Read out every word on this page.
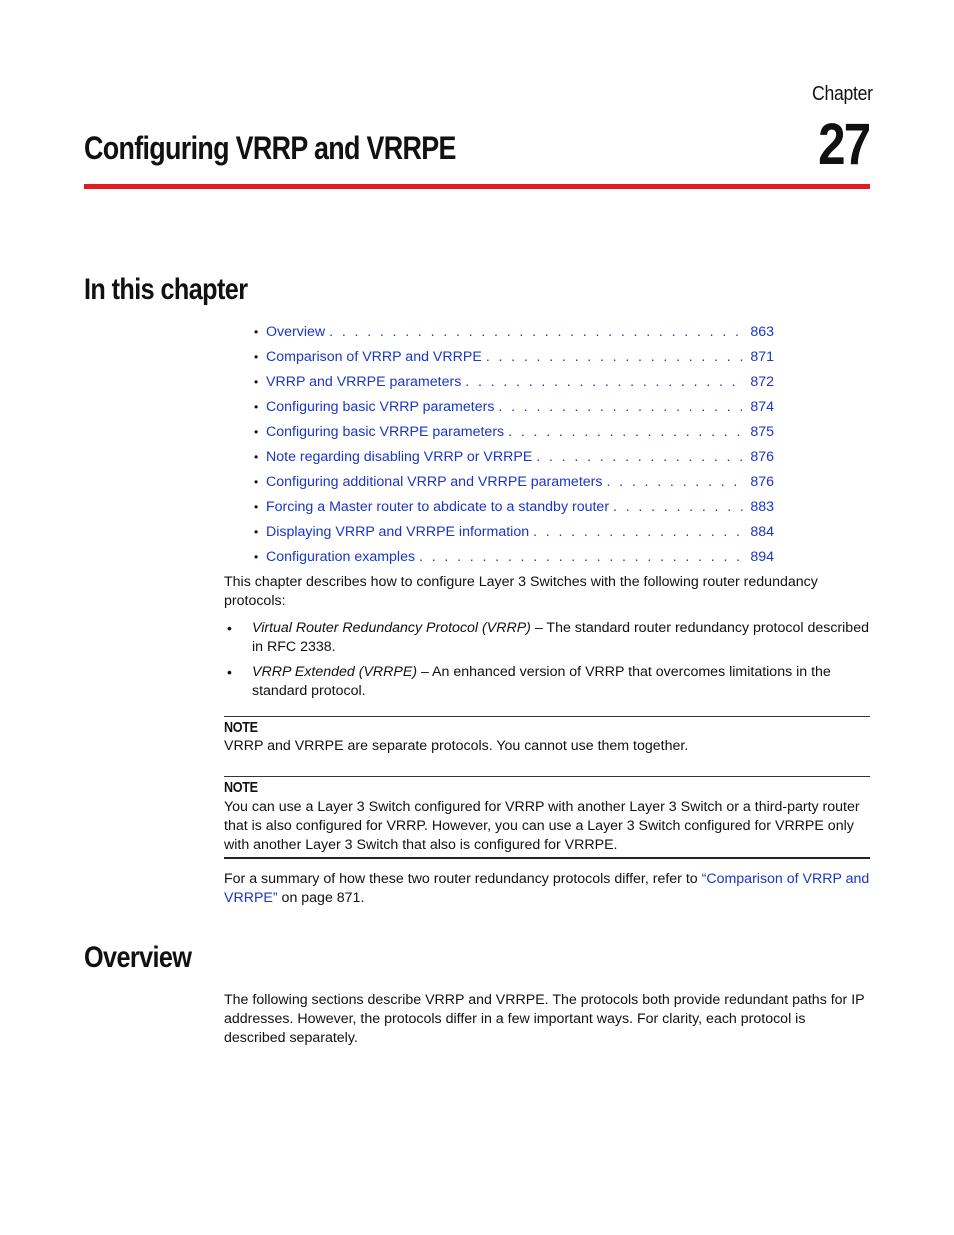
Chapter
27
Configuring VRRP and VRRPE
In this chapter
• Overview . . .	863
• Comparison of VRRP and VRRPE . . .	871
• VRRP and VRRPE parameters . . .	872
• Configuring basic VRRP parameters . . .	874
• Configuring basic VRRPE parameters . . .	875
• Note regarding disabling VRRP or VRRPE . . .	876
• Configuring additional VRRP and VRRPE parameters . . .	876
• Forcing a Master router to abdicate to a standby router . . .	883
• Displaying VRRP and VRRPE information . . .	884
• Configuration examples . . .	894
This chapter describes how to configure Layer 3 Switches with the following router redundancy protocols:
• Virtual Router Redundancy Protocol (VRRP) – The standard router redundancy protocol described in RFC 2338.
• VRRP Extended (VRRPE) – An enhanced version of VRRP that overcomes limitations in the standard protocol.
NOTE
VRRP and VRRPE are separate protocols. You cannot use them together.
NOTE
You can use a Layer 3 Switch configured for VRRP with another Layer 3 Switch or a third-party router that is also configured for VRRP. However, you can use a Layer 3 Switch configured for VRRPE only with another Layer 3 Switch that also is configured for VRRPE.
For a summary of how these two router redundancy protocols differ, refer to “Comparison of VRRP and VRRPE” on page 871.
Overview
The following sections describe VRRP and VRRPE. The protocols both provide redundant paths for IP addresses. However, the protocols differ in a few important ways. For clarity, each protocol is described separately.
